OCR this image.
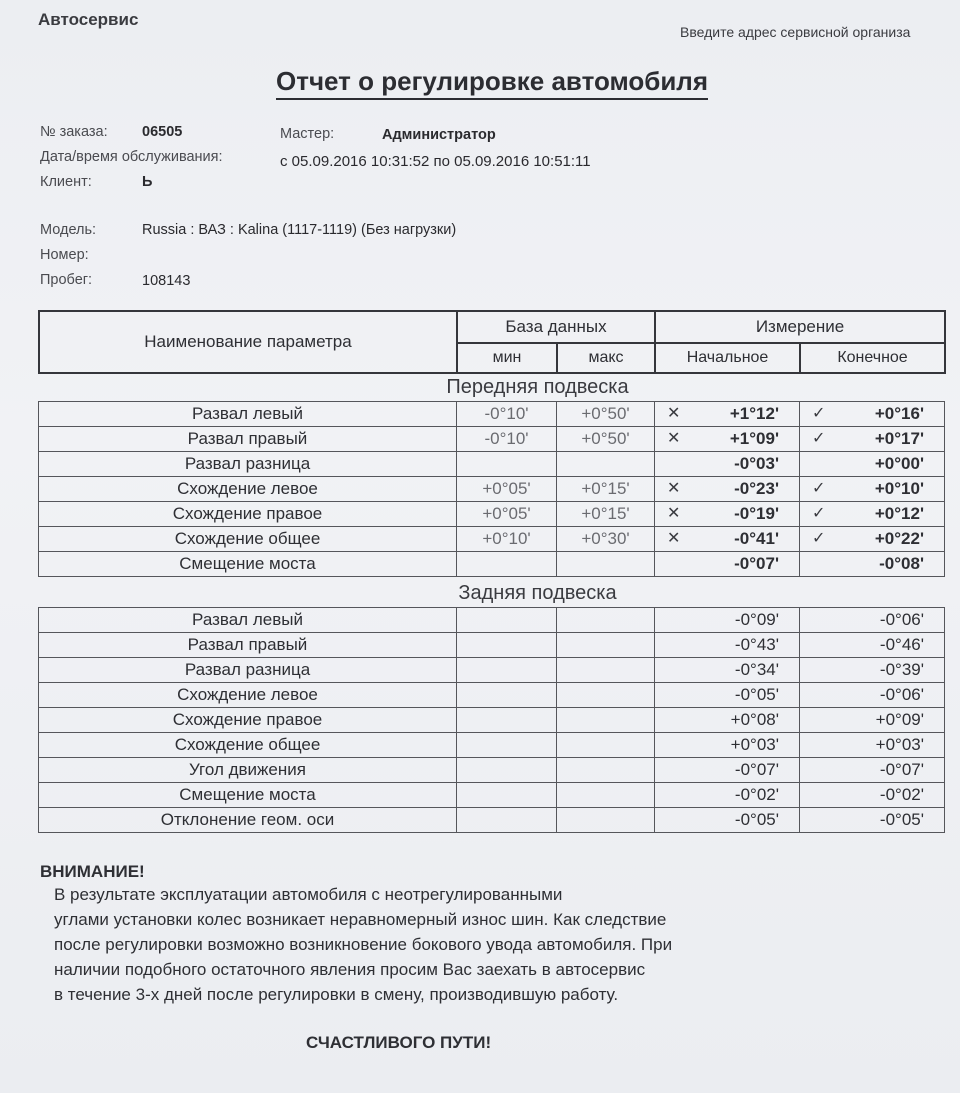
Автосервис
Введите адрес сервисной организа
Отчет о регулировке автомобиля
№ заказа: 06505	Мастер:	Администратор
Дата/время обслуживания:	с 05.09.2016 10:31:52 по 05.09.2016 10:51:11
Клиент:	Ь
Модель:	Russia : ВАЗ : Kalina (1117-1119) (Без нагрузки)
Номер:
Пробег:	108143
Наименование параметра	База данных		Измерение	
	мин	макс	Начальное	Конечное
Передняя подвеска
Развал левый	-0°10'	+0°50'	✕ +1°12'	✓ +0°16'
Развал правый	-0°10'	+0°50'	✕ +1°09'	✓ +0°17'
Развал разница			-0°03'	+0°00'
Схождение левое	+0°05'	+0°15'	✕ -0°23'	✓ +0°10'
Схождение правое	+0°05'	+0°15'	✕ -0°19'	✓ +0°12'
Схождение общее	+0°10'	+0°30'	✕ -0°41'	✓ +0°22'
Смещение моста			-0°07'	-0°08'
Задняя подвеска
Развал левый			-0°09'	-0°06'
Развал правый			-0°43'	-0°46'
Развал разница			-0°34'	-0°39'
Схождение левое			-0°05'	-0°06'
Схождение правое			+0°08'	+0°09'
Схождение общее			+0°03'	+0°03'
Угол движения			-0°07'	-0°07'
Смещение моста			-0°02'	-0°02'
Отклонение геом. оси			-0°05'	-0°05'
ВНИМАНИЕ!
В результате эксплуатации автомобиля с неотрегулированными
углами установки колес возникает неравномерный износ шин. Как следствие
после регулировки возможно возникновение бокового увода автомобиля. При
наличии подобного остаточного явления просим Вас заехать в автосервис
в течение 3-х дней после регулировки в смену, производившую работу.
СЧАСТЛИВОГО ПУТИ!
